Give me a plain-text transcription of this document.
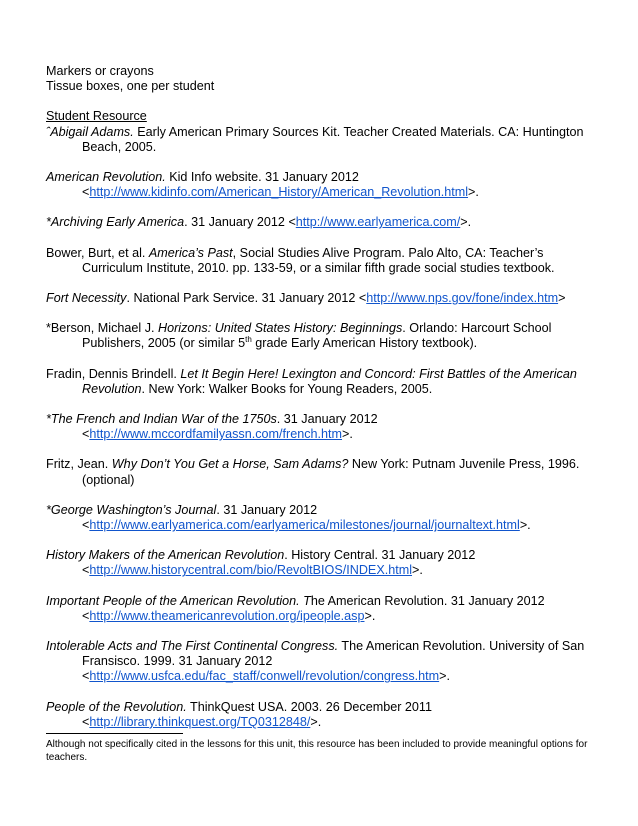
Markers or crayons
Tissue boxes, one per student
Student Resource
ˆAbigail Adams. Early American Primary Sources Kit. Teacher Created Materials. CA: Huntington Beach, 2005.
American Revolution. Kid Info website. 31 January 2012 <http://www.kidinfo.com/American_History/American_Revolution.html>.
*Archiving Early America. 31 January 2012 <http://www.earlyamerica.com/>.
Bower, Burt, et al. America’s Past, Social Studies Alive Program. Palo Alto, CA: Teacher’s Curriculum Institute, 2010. pp. 133-59, or a similar fifth grade social studies textbook.
Fort Necessity. National Park Service. 31 January 2012 <http://www.nps.gov/fone/index.htm>
*Berson, Michael J. Horizons: United States History: Beginnings. Orlando: Harcourt School Publishers, 2005 (or similar 5th grade Early American History textbook).
Fradin, Dennis Brindell. Let It Begin Here! Lexington and Concord: First Battles of the American Revolution. New York: Walker Books for Young Readers, 2005.
*The French and Indian War of the 1750s. 31 January 2012 <http://www.mccordfamilyassn.com/french.htm>.
Fritz, Jean. Why Don’t You Get a Horse, Sam Adams? New York: Putnam Juvenile Press, 1996. (optional)
*George Washington’s Journal. 31 January 2012 <http://www.earlyamerica.com/earlyamerica/milestones/journal/journaltext.html>.
History Makers of the American Revolution. History Central. 31 January 2012 <http://www.historycentral.com/bio/RevoltBIOS/INDEX.html>.
Important People of the American Revolution. The American Revolution. 31 January 2012 <http://www.theamericanrevolution.org/ipeople.asp>.
Intolerable Acts and The First Continental Congress. The American Revolution. University of San Fransisco. 1999. 31 January 2012 <http://www.usfca.edu/fac_staff/conwell/revolution/congress.htm>.
People of the Revolution. ThinkQuest USA. 2003. 26 December 2011 <http://library.thinkquest.org/TQ0312848/>.
Although not specifically cited in the lessons for this unit, this resource has been included to provide meaningful options for teachers.
